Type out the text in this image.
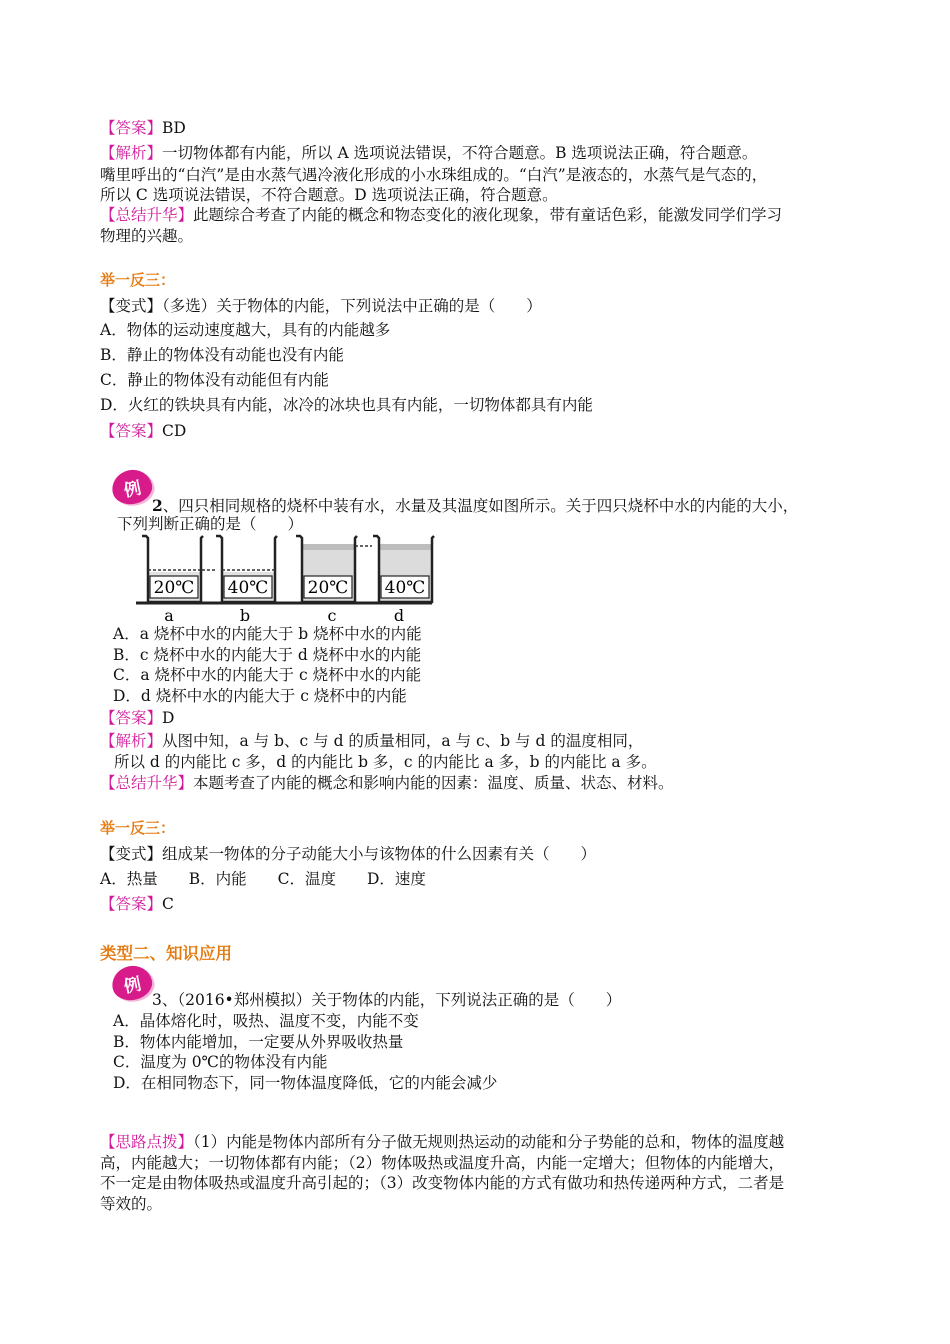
【答案】BD
【解析】一切物体都有内能，所以 A 选项说法错误，不符合题意。B 选项说法正确，符合题意。
嘴里呼出的“白汽”是由水蒸气遇冷液化形成的小水珠组成的。“白汽”是液态的，水蒸气是气态的，
所以 C 选项说法错误，不符合题意。D 选项说法正确，符合题意。
【总结升华】此题综合考查了内能的概念和物态变化的液化现象，带有童话色彩，能激发同学们学习
物理的兴趣。
举一反三：
【变式】（多选）关于物体的内能，下列说法中正确的是（　　）
A．物体的运动速度越大，具有的内能越多
B．静止的物体没有动能也没有内能
C．静止的物体没有动能但有内能
D．火红的铁块具有内能，冰冷的冰块也具有内能，一切物体都具有内能
【答案】CD
例
2、四只相同规格的烧杯中装有水，水量及其温度如图所示。关于四只烧杯中水的内能的大小，
下列判断正确的是（　　）
20℃
a
40℃
b
20℃
c
40℃
d
A．a 烧杯中水的内能大于 b 烧杯中水的内能
B．c 烧杯中水的内能大于 d 烧杯中水的内能
C．a 烧杯中水的内能大于 c 烧杯中水的内能
D．d 烧杯中水的内能大于 c 烧杯中的内能
【答案】D
【解析】从图中知，a 与 b、c 与 d 的质量相同，a 与 c、b 与 d 的温度相同，
所以 d 的内能比 c 多，d 的内能比 b 多，c 的内能比 a 多，b 的内能比 a 多。
【总结升华】本题考查了内能的概念和影响内能的因素：温度、质量、状态、材料。
举一反三：
【变式】组成某一物体的分子动能大小与该物体的什么因素有关（　　）
A．热量　　B．内能　　C．温度　　D．速度
【答案】C
类型二、知识应用
例
3、（2016•郑州模拟）关于物体的内能，下列说法正确的是（　　）
A．晶体熔化时，吸热、温度不变，内能不变
B．物体内能增加，一定要从外界吸收热量
C．温度为 0℃的物体没有内能
D．在相同物态下，同一物体温度降低，它的内能会减少
【思路点拨】（1）内能是物体内部所有分子做无规则热运动的动能和分子势能的总和，物体的温度越
高，内能越大；一切物体都有内能；（2）物体吸热或温度升高，内能一定增大；但物体的内能增大，
不一定是由物体吸热或温度升高引起的；（3）改变物体内能的方式有做功和热传递两种方式，二者是
等效的。
